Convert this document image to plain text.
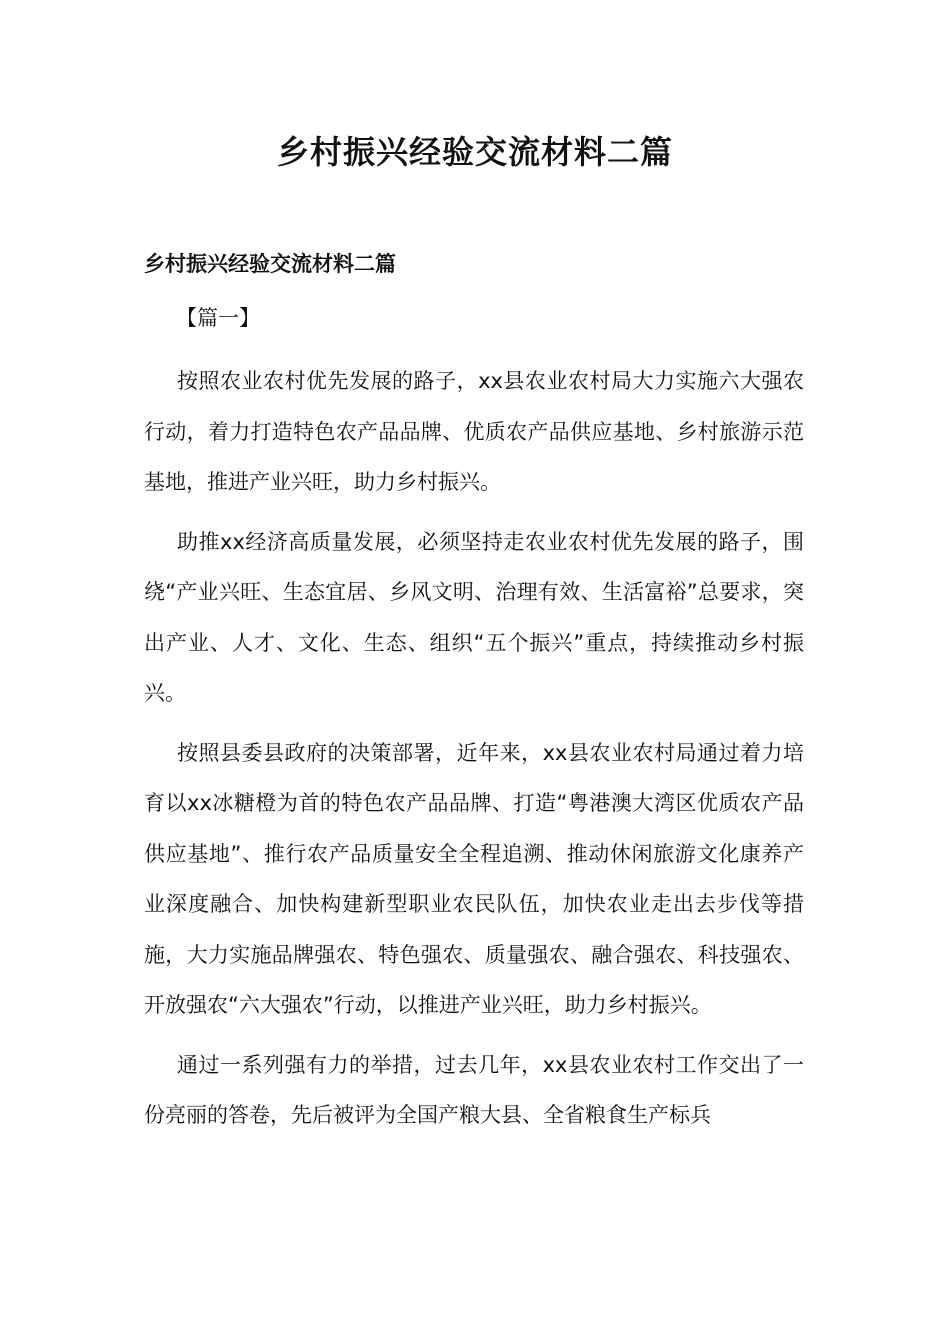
乡村振兴经验交流材料二篇
乡村振兴经验交流材料二篇
【篇一】

按照农业农村优先发展的路子，xx县农业农村局大力实施六大强农行动，着力打造特色农产品品牌、优质农产品供应基地、乡村旅游示范基地，推进产业兴旺，助力乡村振兴。

助推xx经济高质量发展，必须坚持走农业农村优先发展的路子，围绕“产业兴旺、生态宜居、乡风文明、治理有效、生活富裕”总要求，突出产业、人才、文化、生态、组织“五个振兴”重点，持续推动乡村振兴。

按照县委县政府的决策部署，近年来，xx县农业农村局通过着力培育以xx冰糖橙为首的特色农产品品牌、打造“粤港澳大湾区优质农产品供应基地”、推行农产品质量安全全程追溯、推动休闲旅游文化康养产业深度融合、加快构建新型职业农民队伍，加快农业走出去步伐等措施，大力实施品牌强农、特色强农、质量强农、融合强农、科技强农、开放强农“六大强农”行动，以推进产业兴旺，助力乡村振兴。

通过一系列强有力的举措，过去几年，xx县农业农村工作交出了一份亮丽的答卷，先后被评为全国产粮大县、全省粮食生产标兵
